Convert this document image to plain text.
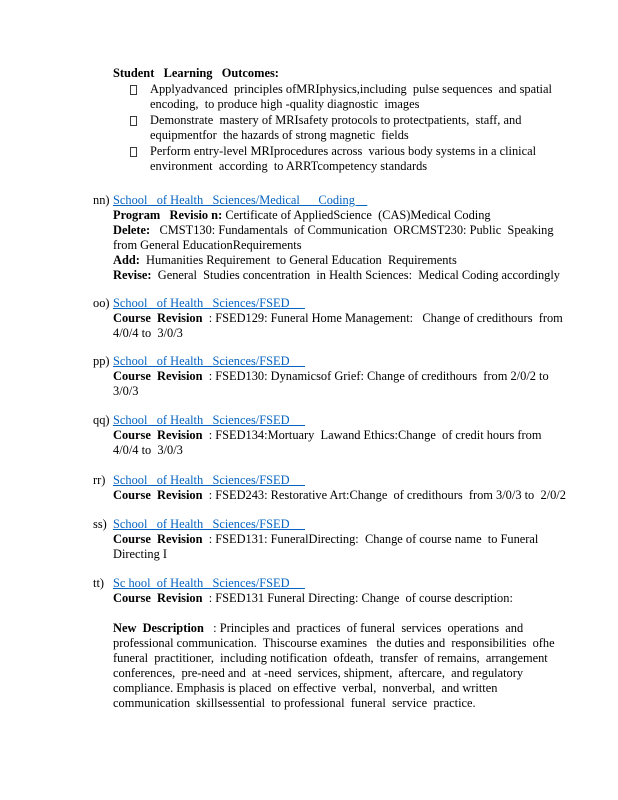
Student   Learning   Outcomes:
Applyadvanced  principles ofMRIphysics,including  pulse sequences  and spatial
encoding,  to produce high -quality diagnostic  images
Demonstrate  mastery of MRIsafety protocols to protectpatients,  staff, and
equipmentfor  the hazards of strong magnetic  fields
Perform entry-level MRIprocedures across  various body systems in a clinical
environment  according  to ARRTcompetency standards
nn) School   of Health   Sciences/Medical      Coding
Program   Revisio n: Certificate of AppliedScience  (CAS)Medical Coding
Delete:   CMST130: Fundamentals  of Communication  ORCMST230: Public  Speaking
from General EducationRequirements
Add:  Humanities Requirement  to General Education  Requirements
Revise:  General  Studies concentration  in Health Sciences:  Medical Coding accordingly
oo) School   of Health   Sciences/FSED
Course  Revision  : FSED129: Funeral Home Management:   Change of credithours  from
4/0/4 to  3/0/3
pp) School   of Health   Sciences/FSED
Course  Revision  : FSED130: Dynamicsof Grief: Change of credithours  from 2/0/2 to
3/0/3
qq) School   of Health   Sciences/FSED
Course  Revision  : FSED134:Mortuary  Lawand Ethics:Change  of credit hours from
4/0/4 to  3/0/3
rr) School   of Health   Sciences/FSED
Course  Revision  : FSED243: Restorative Art:Change  of credithours  from 3/0/3 to  2/0/2
ss) School   of Health   Sciences/FSED
Course  Revision  : FSED131: FuneralDirecting:  Change of course name  to Funeral
Directing I
tt) Sc hool  of Health   Sciences/FSED
Course  Revision  : FSED131 Funeral Directing: Change  of course description:
New  Description   : Principles and  practices  of funeral  services  operations  and
professional communication.  Thiscourse examines   the duties and  responsibilities  ofhe
funeral  practitioner,  including notification  ofdeath,  transfer  of remains,  arrangement
conferences,  pre-need and  at -need  services, shipment,  aftercare,  and regulatory
compliance. Emphasis is placed  on effective  verbal,  nonverbal,  and written
communication  skillsessential  to professional  funeral  service  practice.
